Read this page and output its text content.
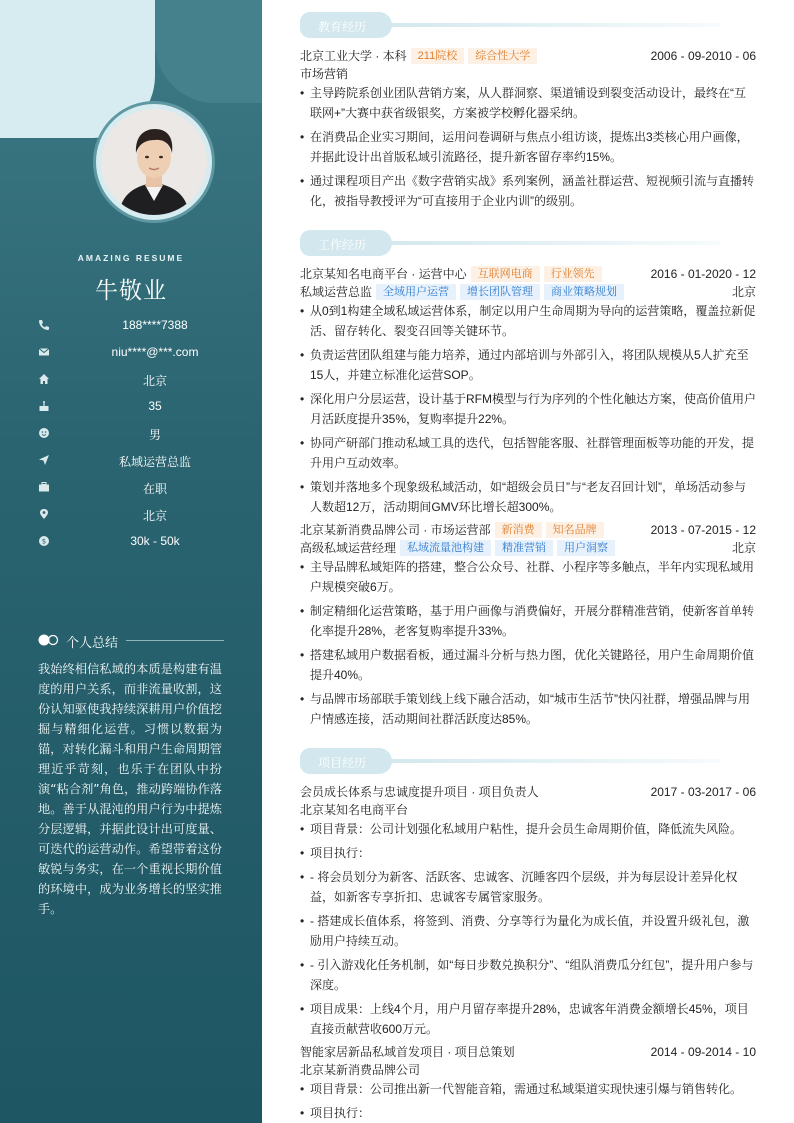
AMAZING RESUME
牛敬业
188****7388
niu****@***.com
北京
35
男
私域运营总监
在职
北京
$	30k - 50k
个人总结
我始终相信私域的本质是构建有温度的用户关系，而非流量收割，这份认知驱使我持续深耕用户价值挖掘与精细化运营。习惯以数据为锚，对转化漏斗和用户生命周期管理近乎苛刻，也乐于在团队中扮演“粘合剂”角色，推动跨端协作落地。善于从混沌的用户行为中提炼分层逻辑，并据此设计出可度量、可迭代的运营动作。希望带着这份敏锐与务实，在一个重视长期价值的环境中，成为业务增长的坚实推手。
教育经历
北京工业大学 · 本科 211院校 综合性大学	2006 - 09-2010 - 06
市场营销
• 主导跨院系创业团队营销方案，从人群洞察、渠道铺设到裂变活动设计，最终在“互联网+”大赛中获省级银奖，方案被学校孵化器采纳。
• 在消费品企业实习期间，运用问卷调研与焦点小组访谈，提炼出3类核心用户画像，并据此设计出首版私域引流路径，提升新客留存率约15%。
• 通过课程项目产出《数字营销实战》系列案例，涵盖社群运营、短视频引流与直播转化，被指导教授评为“可直接用于企业内训”的级别。
工作经历
北京某知名电商平台 · 运营中心 互联网电商 行业领先	2016 - 01-2020 - 12
私域运营总监 全域用户运营 增长团队管理 商业策略规划	北京
• 从0到1构建全域私域运营体系，制定以用户生命周期为导向的运营策略，覆盖拉新促活、留存转化、裂变召回等关键环节。
• 负责运营团队组建与能力培养，通过内部培训与外部引入，将团队规模从5人扩充至15人，并建立标准化运营SOP。
• 深化用户分层运营，设计基于RFM模型与行为序列的个性化触达方案，使高价值用户月活跃度提升35%，复购率提升22%。
• 协同产研部门推动私域工具的迭代，包括智能客服、社群管理面板等功能的开发，提升用户互动效率。
• 策划并落地多个现象级私域活动，如“超级会员日”与“老友召回计划”，单场活动参与人数超12万，活动期间GMV环比增长超300%。
北京某新消费品牌公司 · 市场运营部 新消费 知名品牌	2013 - 07-2015 - 12
高级私域运营经理 私域流量池构建 精准营销 用户洞察	北京
• 主导品牌私域矩阵的搭建，整合公众号、社群、小程序等多触点，半年内实现私域用户规模突破6万。
• 制定精细化运营策略，基于用户画像与消费偏好，开展分群精准营销，使新客首单转化率提升28%，老客复购率提升33%。
• 搭建私域用户数据看板，通过漏斗分析与热力图，优化关键路径，用户生命周期价值提升40%。
• 与品牌市场部联手策划线上线下融合活动，如“城市生活节”快闪社群，增强品牌与用户情感连接，活动期间社群活跃度达85%。
项目经历
会员成长体系与忠诚度提升项目 · 项目负责人	2017 - 03-2017 - 06
北京某知名电商平台
• 项目背景：公司计划强化私域用户粘性，提升会员生命周期价值，降低流失风险。
• 项目执行：
• - 将会员划分为新客、活跃客、忠诚客、沉睡客四个层级，并为每层设计差异化权益，如新客专享折扣、忠诚客专属管家服务。
• - 搭建成长值体系，将签到、消费、分享等行为量化为成长值，并设置升级礼包，激励用户持续互动。
• - 引入游戏化任务机制，如“每日步数兑换积分”、“组队消费瓜分红包”，提升用户参与深度。
• 项目成果：上线4个月，用户月留存率提升28%，忠诚客年消费金额增长45%，项目直接贡献营收600万元。
智能家居新品私域首发项目 · 项目总策划	2014 - 09-2014 - 10
北京某新消费品牌公司
• 项目背景：公司推出新一代智能音箱，需通过私域渠道实现快速引爆与销售转化。
• 项目执行：
